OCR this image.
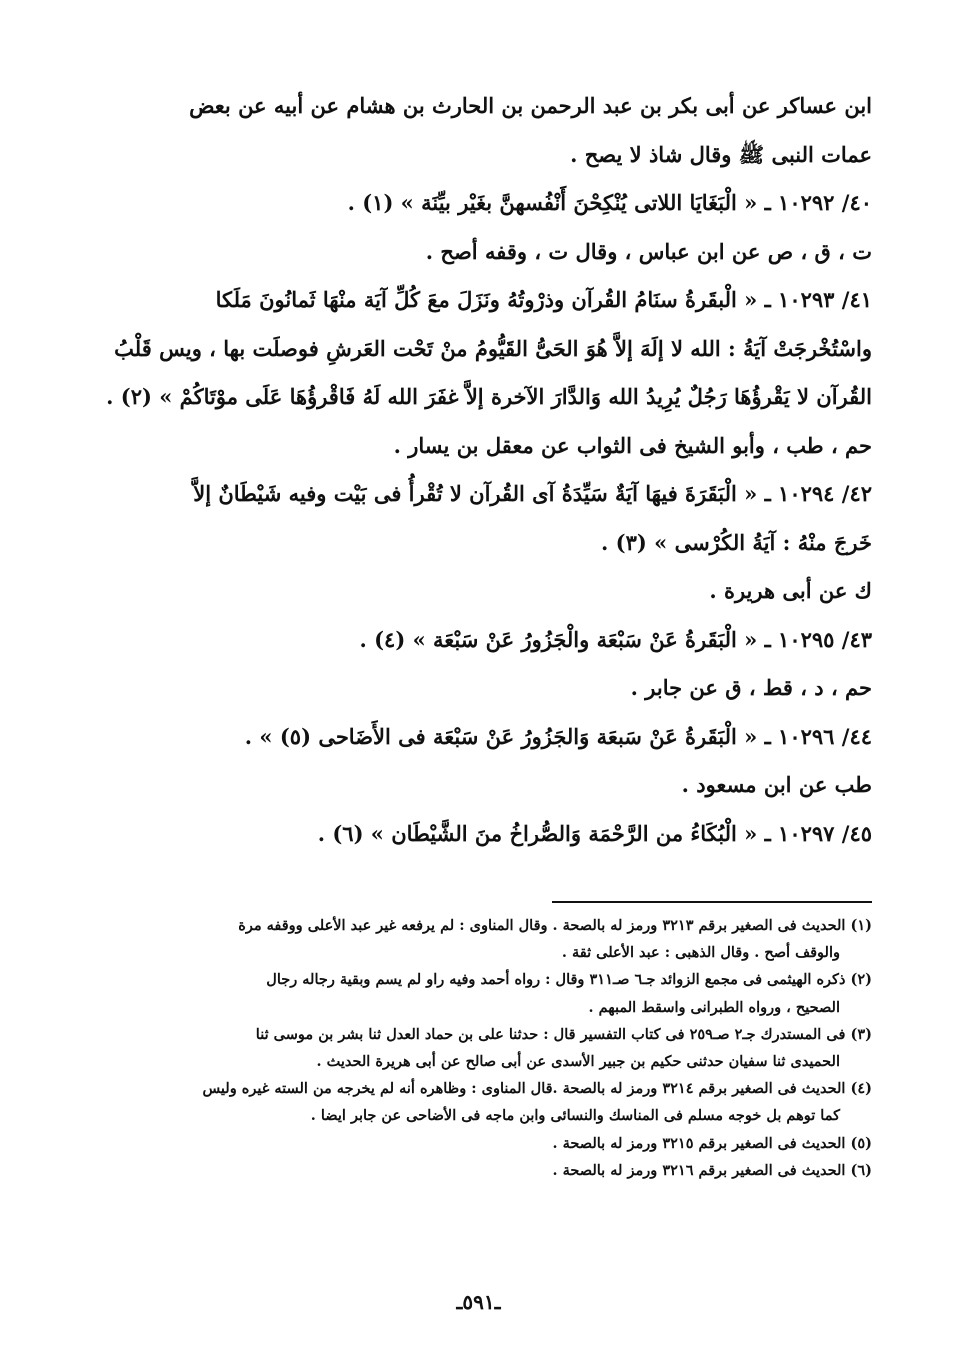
ابن عساكر عن أبى بكر بن عبد الرحمن بن الحارث بن هشام عن أبيه عن بعض

عمات النبى ﷺ وقال شاذ لا يصح .

٤٠/ ١٠٢٩٢ ـ « الْبَغَايَا اللاتى يُنْكِحْنَ أَنْفُسهنَّ بغَيْر بيِّنَة » (١) .

ت ، ق ، ص عن ابن عباس ، وقال ت ، وقفه أصح .

٤١/ ١٠٢٩٣ ـ « الْبقَرةُ سنَامُ القُرآن وذرْوتُهُ ونَزَلَ معَ كُلِّ آيَة منْهَا ثَمانُونَ مَلَكا

واسْتُخْرجَتْ آيَةُ : الله لا إلَهَ إلاَّ هُوَ الحَىُّ القَيُّومُ منْ تَحْت العَرشِ فوصلَت بها ، ويس قَلْبُ

القُرآن لا يَقْرؤُهَا رَجُلٌ يُرِيدُ الله وَالدَّارَ الآخرة إلاَّ غفَرَ الله لَهُ فَاقْرؤُهَا عَلَى موْتَاكُمْ » (٢) .

حم ، طب ، وأبو الشيخ فى الثواب عن معقل بن يسار .

٤٢/ ١٠٢٩٤ ـ « الْبَقَرَةَ فيهَا آيَةٌ سَيِّدَةُ آى القُرآن لا تُقْرأُ فى بَيْت وفيه شَيْطَانٌ إلاَّ

خَرجَ منْهُ : آيَةُ الكُرْسى » (٣) .

ك عن أبى هريرة .

٤٣/ ١٠٢٩٥ ـ « الْبَقَرةُ عَنْ سَبْعَة والْجَزُورُ عَنْ سَبْعَة » (٤) .

حم ، د ، قط ، ق عن جابر .

٤٤/ ١٠٢٩٦ ـ « الْبَقَرةُ عَنْ سَبعَة وَالجَزُورُ عَنْ سَبْعَة فى الأَضَاحى (٥) » .

طب عن ابن مسعود .

٤٥/ ١٠٢٩٧ ـ « الْبُكَاءُ من الرَّحْمَة وَالصُّراخُ منَ الشَّيْطَان » (٦) .

(١) الحديث فى الصغير برقم ٣٢١٣ ورمز له بالصحة . وقال المناوى : لم يرفعه غير عبد الأعلى ووقفه مرة

والوقف أصح . وقال الذهبى : عبد الأعلى ثقة .

(٢) ذكره الهيثمى فى مجمع الزوائد جـ٦ صـ٣١١ وقال : رواه أحمد وفيه راو لم يسم وبقية رجاله رجال

الصحيح ، ورواه الطبرانى واسقط المبهم .

(٣) فى المستدرك جـ٢ صـ٢٥٩ فى كتاب التفسير قال : حدثنا على بن حماد العدل ثنا بشر بن موسى ثنا

الحميدى ثنا سفيان حدثنى حكيم بن جبير الأسدى عن أبى صالح عن أبى هريرة الحديث .

(٤) الحديث فى الصغير برقم ٣٢١٤ ورمز له بالصحة .قال المناوى : وظاهره أنه لم يخرجه من السته غيره وليس

كما توهم بل خوجه مسلم فى المناسك والنسائى وابن ماجه فى الأضاحى عن جابر ايضا .

(٥) الحديث فى الصغير برقم ٣٢١٥ ورمز له بالصحة .

(٦) الحديث فى الصغير برقم ٣٢١٦ ورمز له بالصحة .

ـ٥٩١ـ
